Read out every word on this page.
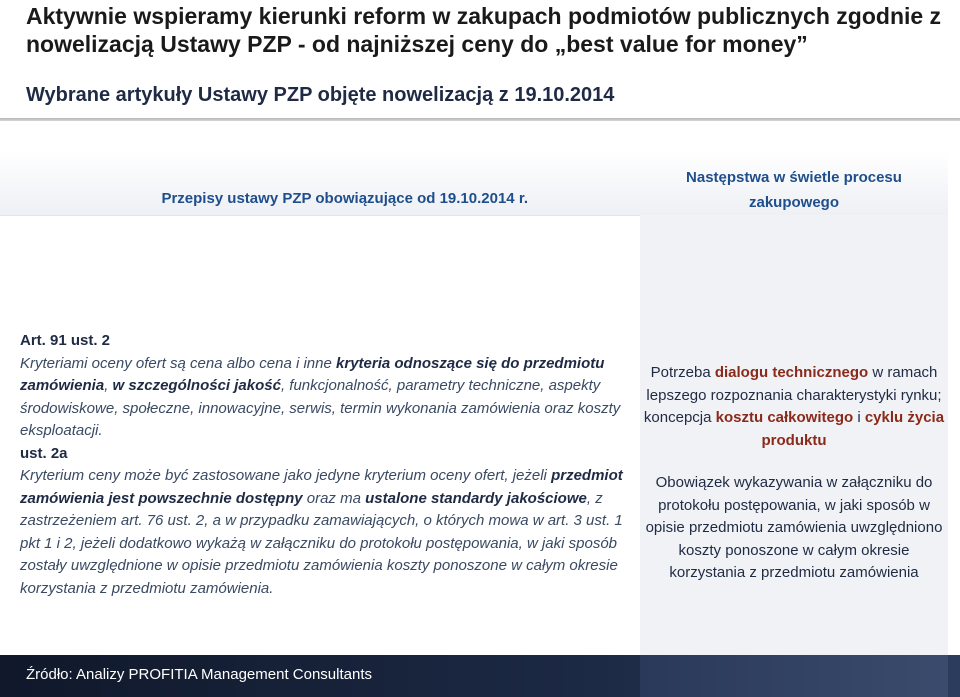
Aktywnie wspieramy kierunki reform w zakupach podmiotów publicznych zgodnie z nowelizacją Ustawy PZP - od najniższej ceny do „best value for money”
Wybrane artykuły Ustawy PZP objęte nowelizacją z 19.10.2014
Przepisy ustawy PZP obowiązujące od 19.10.2014 r.
Następstwa w świetle procesu zakupowego
Art. 91 ust. 2
Kryteriami oceny ofert są cena albo cena i inne kryteria odnoszące się do przedmiotu zamówienia, w szczególności jakość, funkcjonalność, parametry techniczne, aspekty środowiskowe, społeczne, innowacyjne, serwis, termin wykonania zamówienia oraz koszty eksploatacji.
ust. 2a
Kryterium ceny może być zastosowane jako jedyne kryterium oceny ofert, jeżeli przedmiot zamówienia jest powszechnie dostępny oraz ma ustalone standardy jakościowe, z zastrzeżeniem art. 76 ust. 2, a w przypadku zamawiających, o których mowa w art. 3 ust. 1 pkt 1 i 2, jeżeli dodatkowo wykażą w załączniku do protokołu postępowania, w jaki sposób zostały uwzględnione w opisie przedmiotu zamówienia koszty ponoszone w całym okresie korzystania z przedmiotu zamówienia.
Potrzeba dialogu technicznego w ramach lepszego rozpoznania charakterystyki rynku; koncepcja kosztu całkowitego i cyklu życia produktu
Obowiązek wykazywania w załączniku do protokołu postępowania, w jaki sposób w opisie przedmiotu zamówienia uwzględniono koszty ponoszone w całym okresie korzystania z przedmiotu zamówienia
Źródło: Analizy PROFITIA Management Consultants
